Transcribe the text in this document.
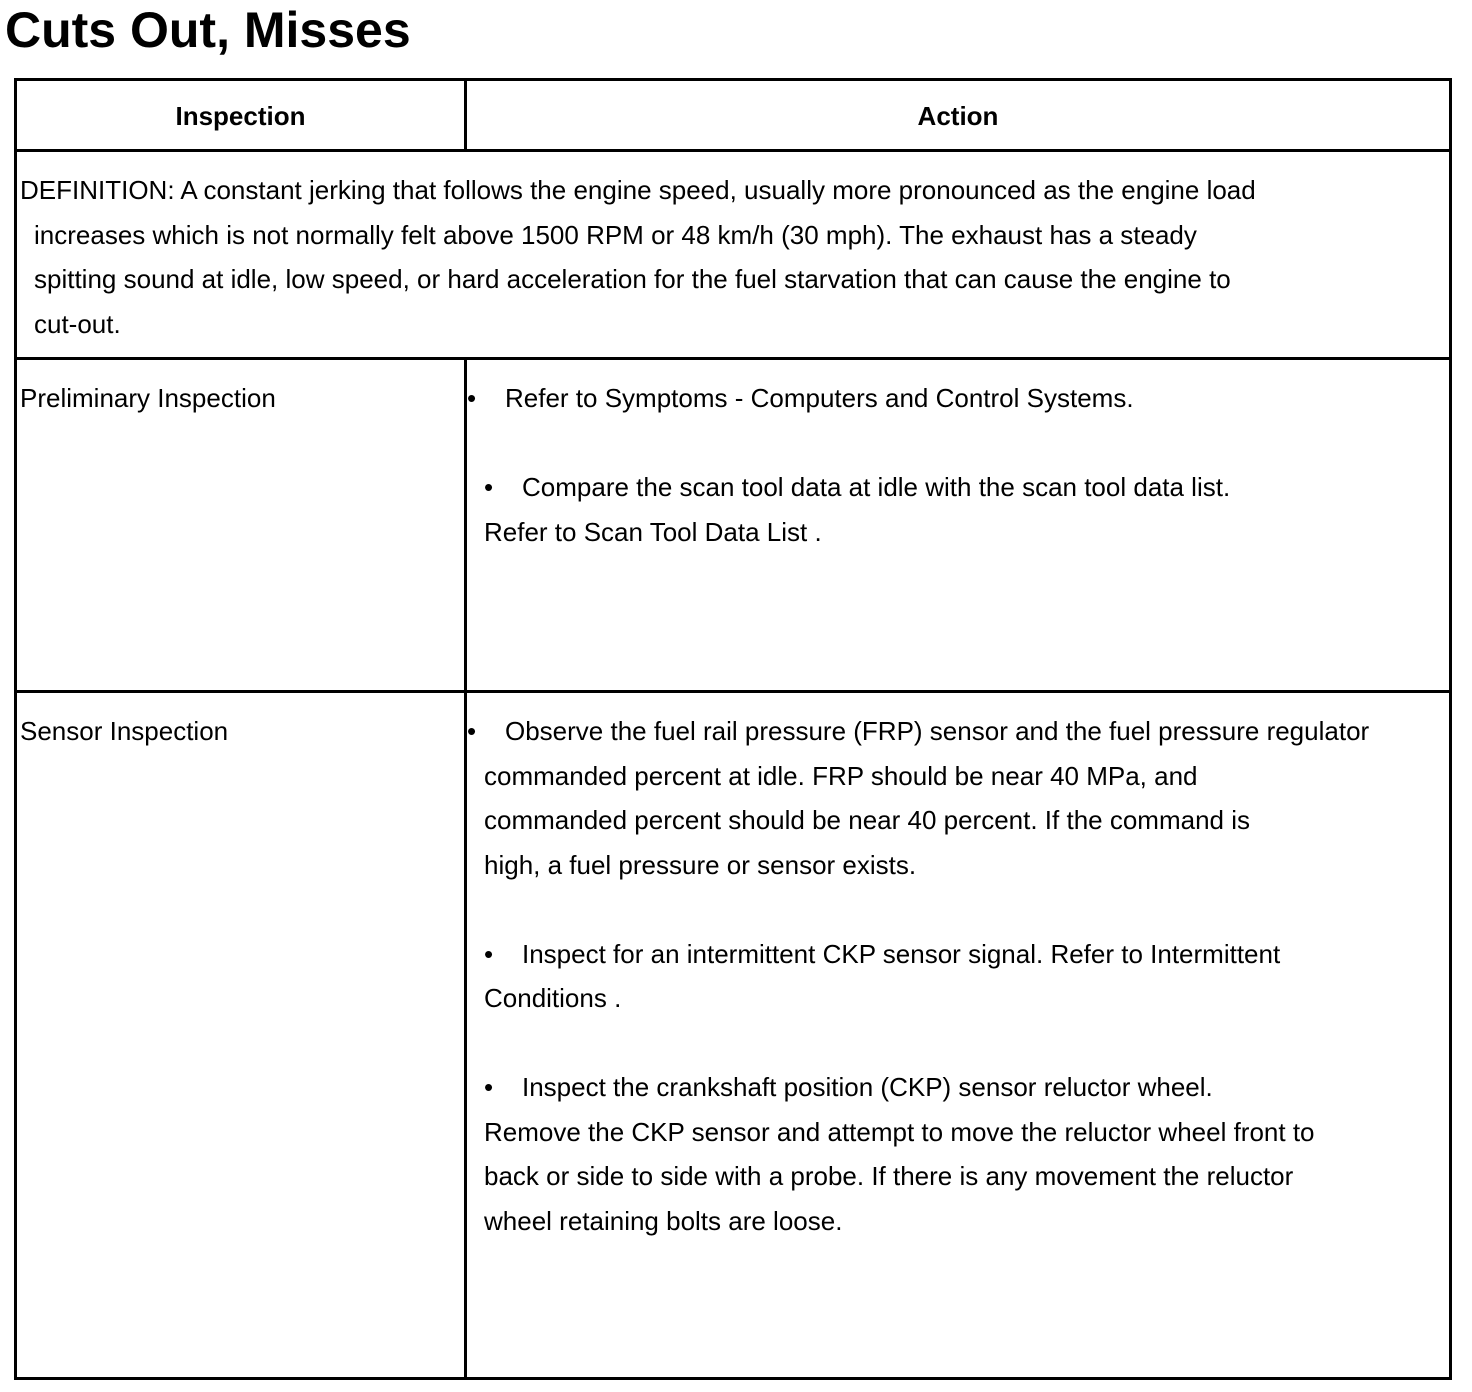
Cuts Out, Misses
Inspection	Action
DEFINITION: A constant jerking that follows the engine speed, usually more pronounced as the engine load
increases which is not normally felt above 1500 RPM or 48 km/h (30 mph). The exhaust has a steady
spitting sound at idle, low speed, or hard acceleration for the fuel starvation that can cause the engine to
cut-out.
Preliminary Inspection	• Refer to Symptoms - Computers and Control Systems.
• Compare the scan tool data at idle with the scan tool data list.
Refer to Scan Tool Data List .
Sensor Inspection	• Observe the fuel rail pressure (FRP) sensor and the fuel pressure regulator
commanded percent at idle. FRP should be near 40 MPa, and
commanded percent should be near 40 percent. If the command is
high, a fuel pressure or sensor exists.
• Inspect for an intermittent CKP sensor signal. Refer to Intermittent
Conditions .
• Inspect the crankshaft position (CKP) sensor reluctor wheel.
Remove the CKP sensor and attempt to move the reluctor wheel front to
back or side to side with a probe. If there is any movement the reluctor
wheel retaining bolts are loose.
